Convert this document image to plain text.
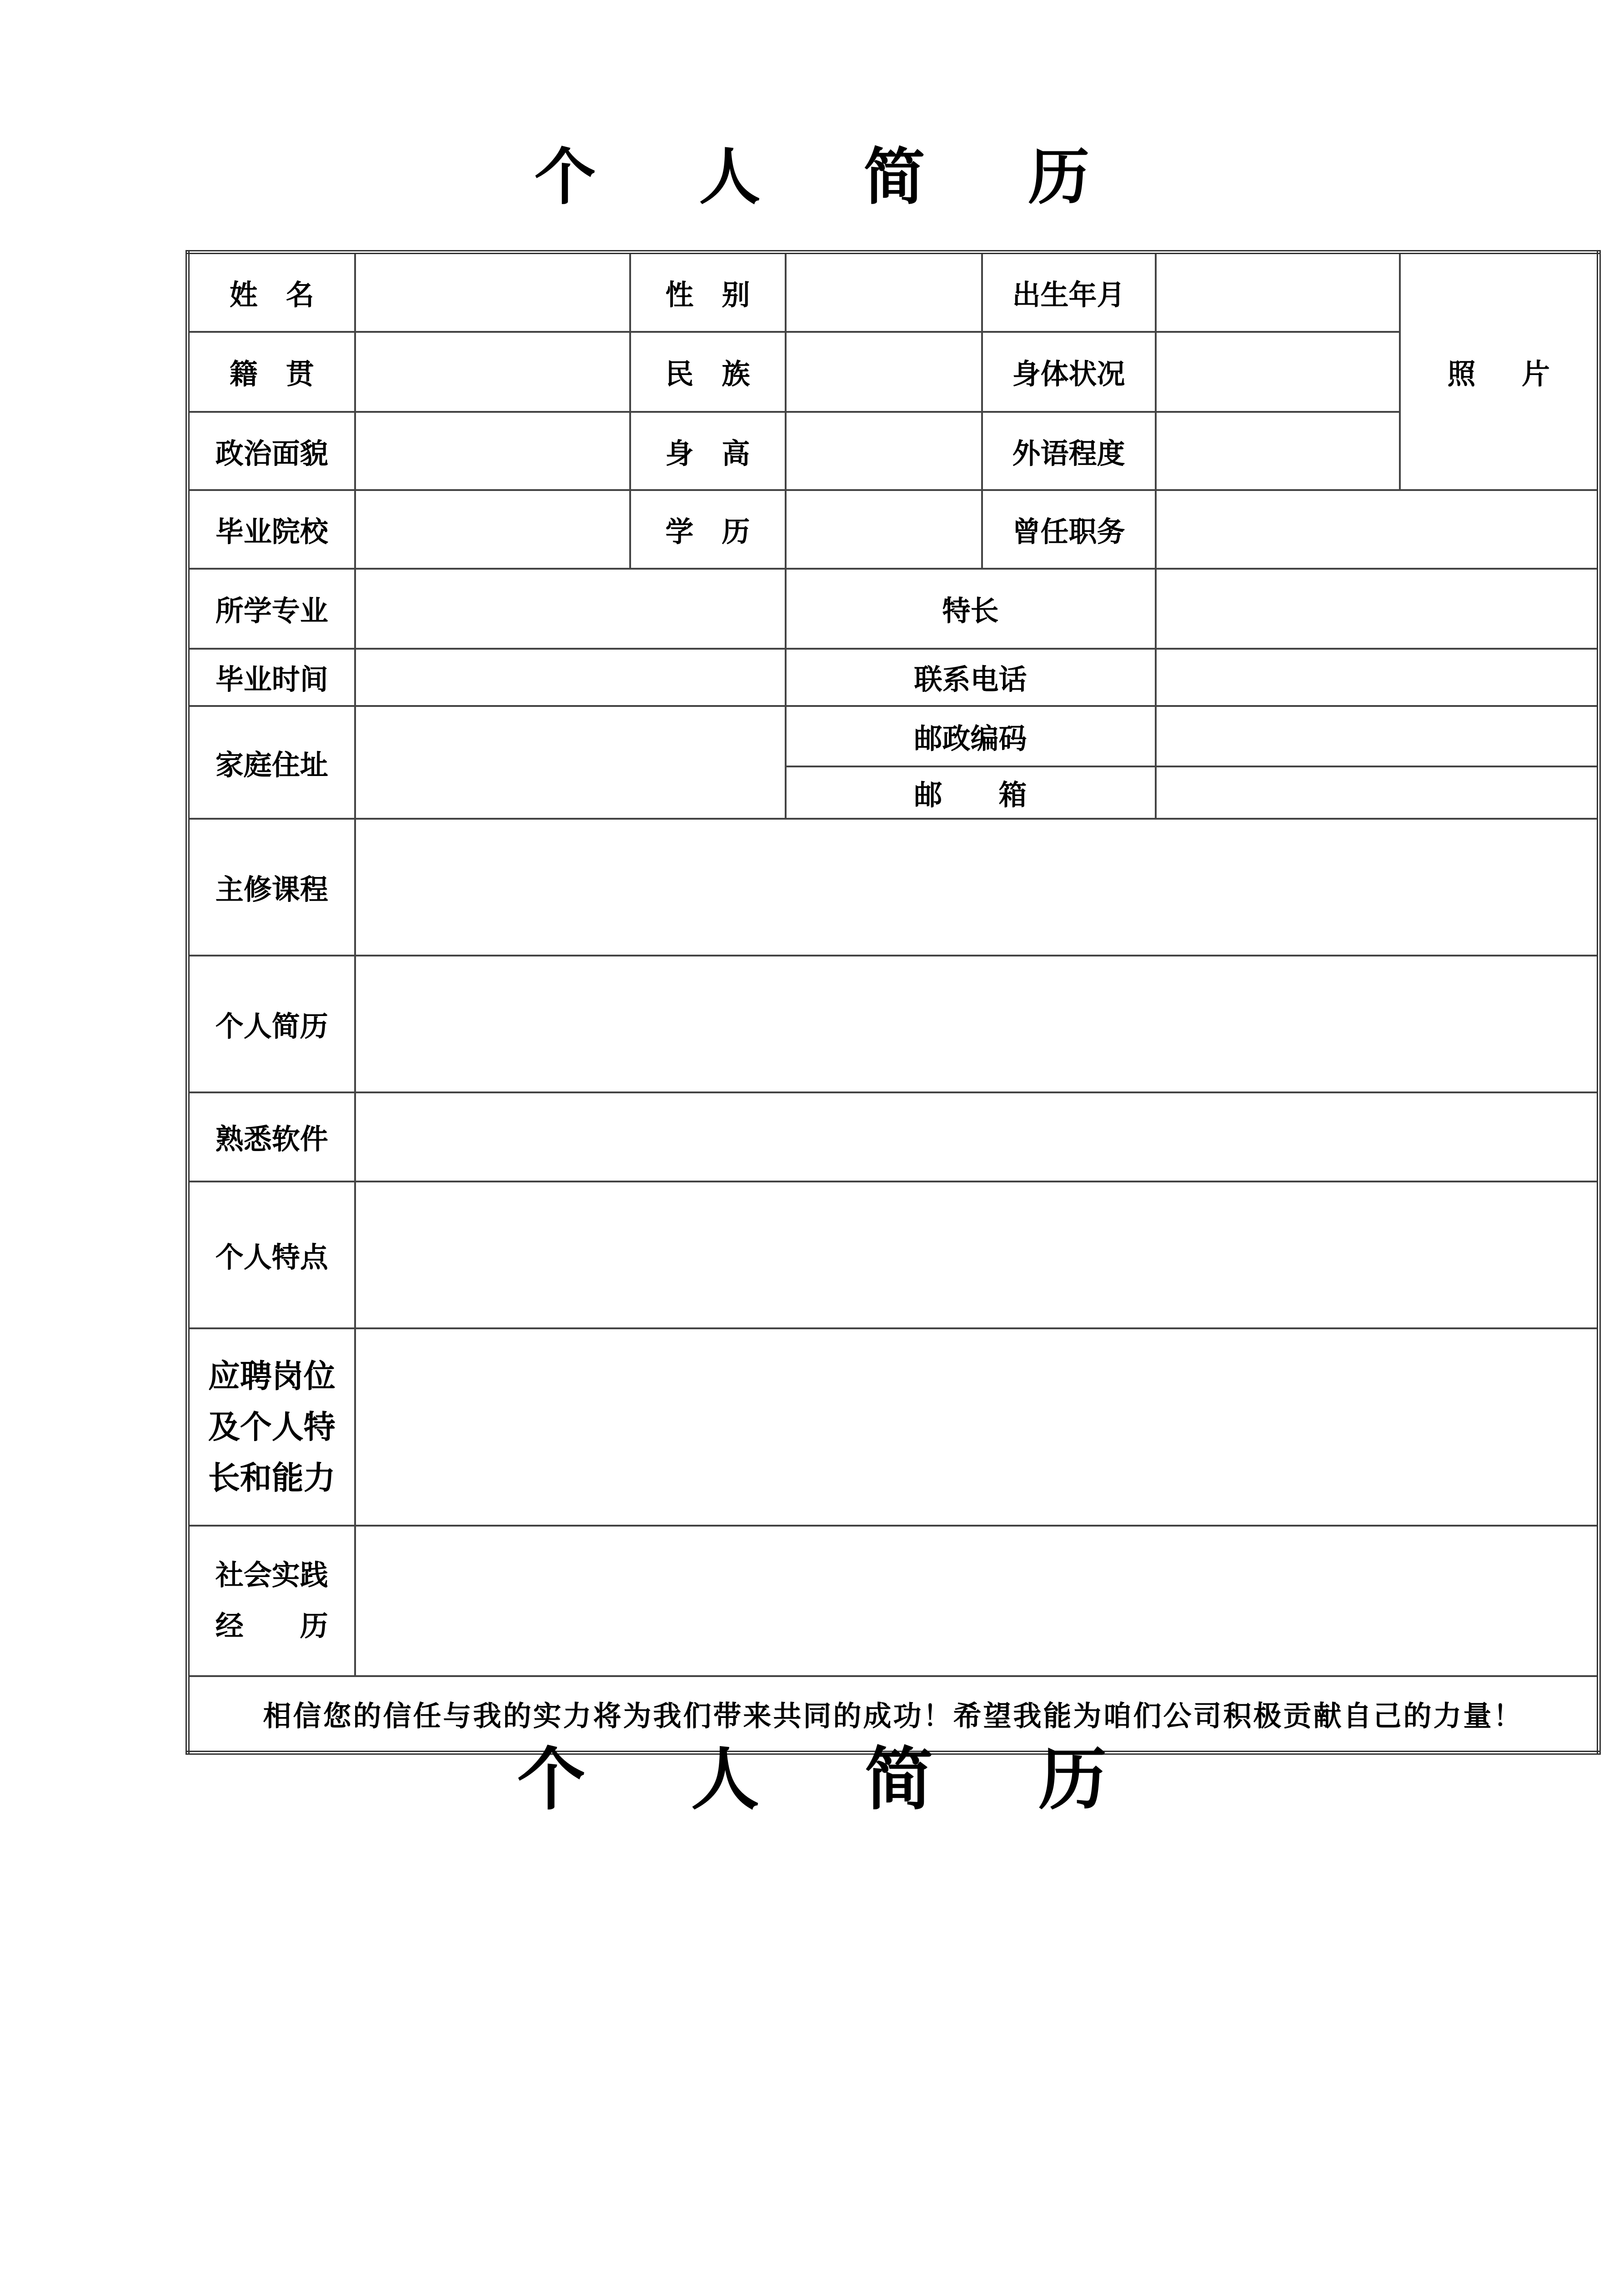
个 人 简 历
姓　名		性　别		出生年月		照 片
籍　贯		民　族		身体状况		
政治面貌		身　高		外语程度		
毕业院校		学　历		曾任职务		
所学专业			特长			
毕业时间			联系电话			
家庭住址			邮政编码			
			邮　　箱			
主修课程						
个人简历						
熟悉软件						
个人特点						
应聘岗位
及个人特
长和能力						
社会实践
经　　历						
相信您的信任与我的实力将为我们带来共同的成功！希望我能为咱们公司积极贡献自己的力量！						
个 人 简 历
